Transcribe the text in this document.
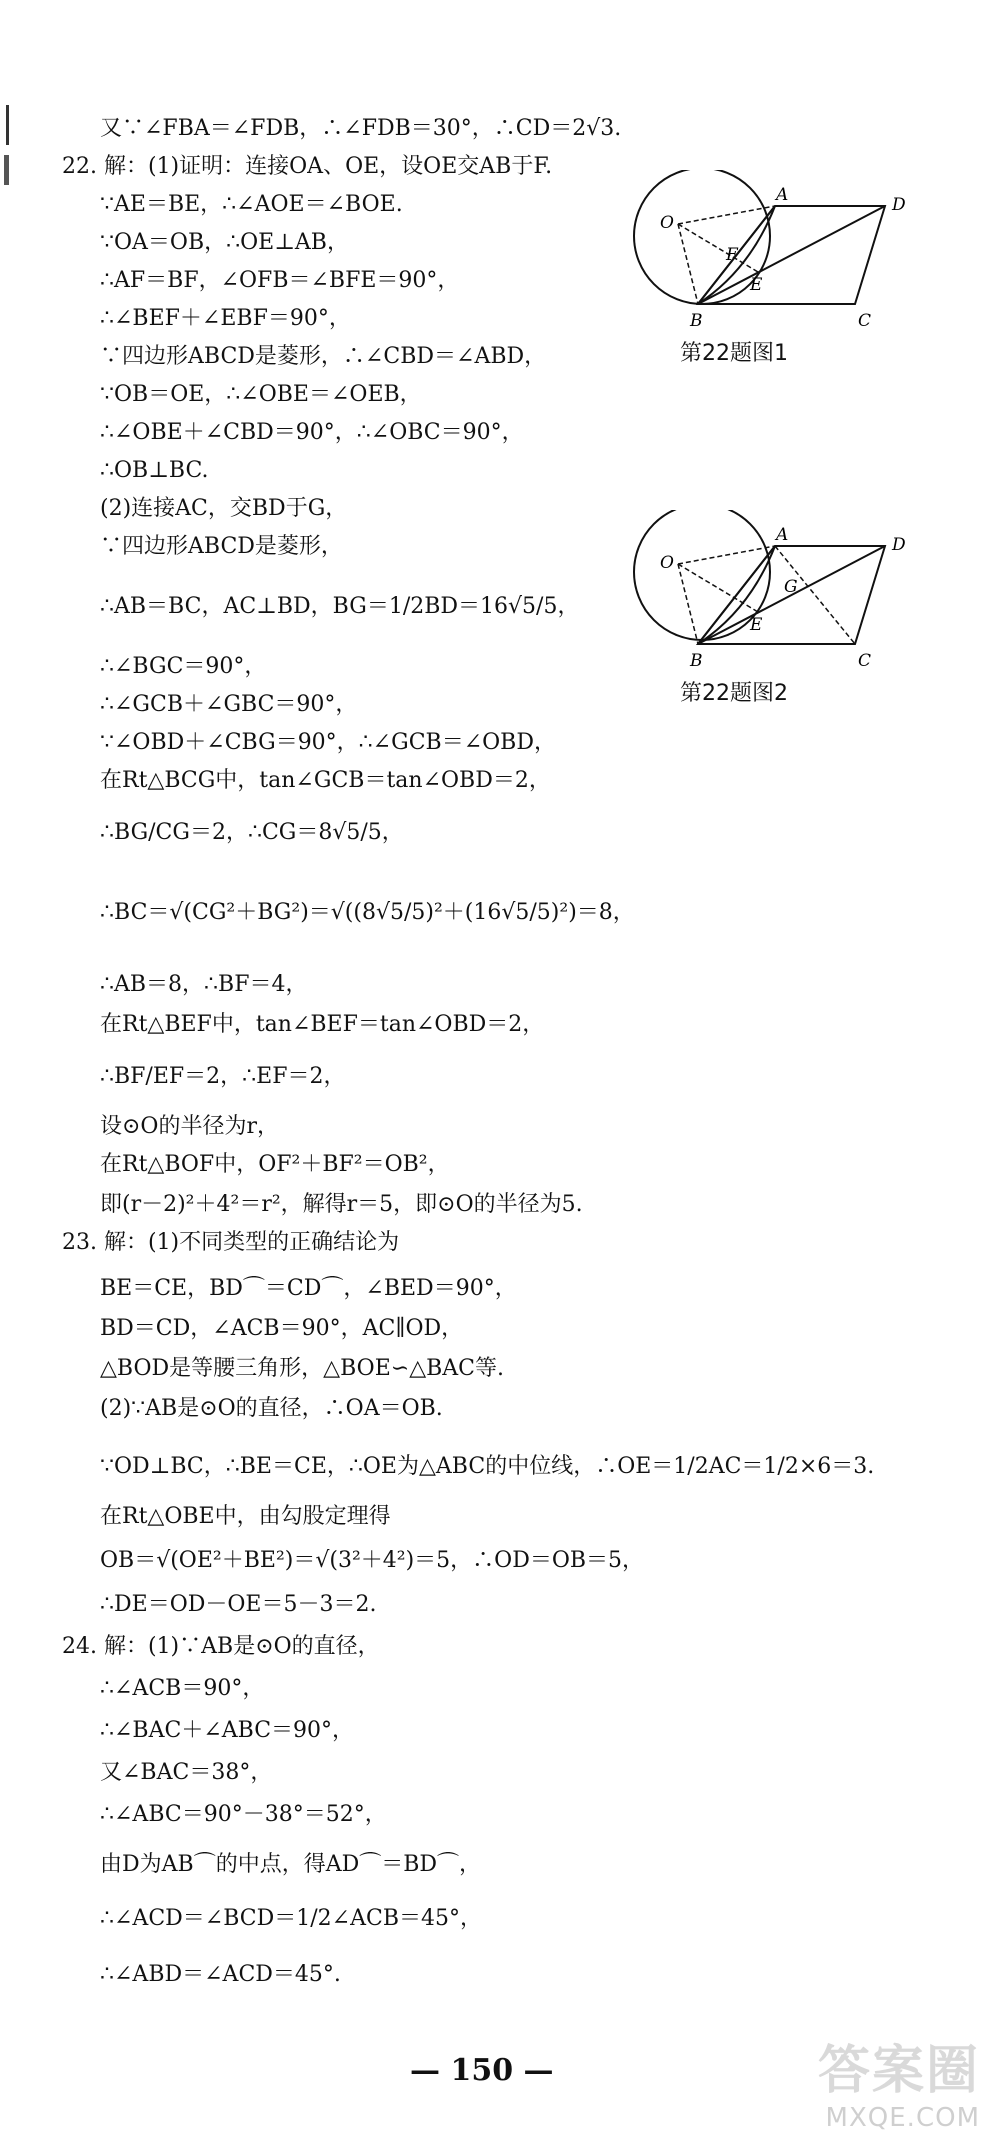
又∵∠FBA＝∠FDB，∴∠FDB＝30°，∴CD＝2√3.
22. 解：(1)证明：连接OA、OE，设OE交AB于F.
∵AE＝BE，∴∠AOE＝∠BOE.
∵OA＝OB，∴OE⊥AB，
∴AF＝BF，∠OFB＝∠BFE＝90°，
∴∠BEF＋∠EBF＝90°，
∵四边形ABCD是菱形，∴∠CBD＝∠ABD，
∵OB＝OE，∴∠OBE＝∠OEB，
∴∠OBE＋∠CBD＝90°，∴∠OBC＝90°，
∴OB⊥BC.
(2)连接AC，交BD于G，
∵四边形ABCD是菱形，
∴AB＝BC，AC⊥BD，BG＝1/2BD＝16√5/5，
∴∠BGC＝90°，
∴∠GCB＋∠GBC＝90°，
∵∠OBD＋∠CBG＝90°，∴∠GCB＝∠OBD，
在Rt△BCG中，tan∠GCB＝tan∠OBD＝2，
∴BG/CG＝2，∴CG＝8√5/5，
∴BC＝√(CG²＋BG²)＝√((8√5/5)²＋(16√5/5)²)＝8，
∴AB＝8，∴BF＝4，
在Rt△BEF中，tan∠BEF＝tan∠OBD＝2，
∴BF/EF＝2，∴EF＝2，
设⊙O的半径为r，
在Rt△BOF中，OF²＋BF²＝OB²，
即(r－2)²＋4²＝r²，解得r＝5，即⊙O的半径为5.
23. 解：(1)不同类型的正确结论为
BE＝CE，BD⌒＝CD⌒，∠BED＝90°，
BD＝CD，∠ACB＝90°，AC∥OD，
△BOD是等腰三角形，△BOE∽△BAC等.
(2)∵AB是⊙O的直径，∴OA＝OB.
∵OD⊥BC，∴BE＝CE，∴OE为△ABC的中位线，∴OE＝1/2AC＝1/2×6＝3.
在Rt△OBE中，由勾股定理得
OB＝√(OE²＋BE²)＝√(3²＋4²)＝5，∴OD＝OB＝5，
∴DE＝OD－OE＝5－3＝2.
24. 解：(1)∵AB是⊙O的直径，
∴∠ACB＝90°，
∴∠BAC＋∠ABC＝90°，
又∠BAC＝38°，
∴∠ABC＝90°－38°＝52°，
由D为AB⌒的中点，得AD⌒＝BD⌒，
∴∠ACD＝∠BCD＝1/2∠ACB＝45°，
∴∠ABD＝∠ACD＝45°.
O
A	D
F
E
B	C
第22题图1
O
A	D
G
E
B	C
第22题图2
— 150 —	答案圈
MXQE.COM
